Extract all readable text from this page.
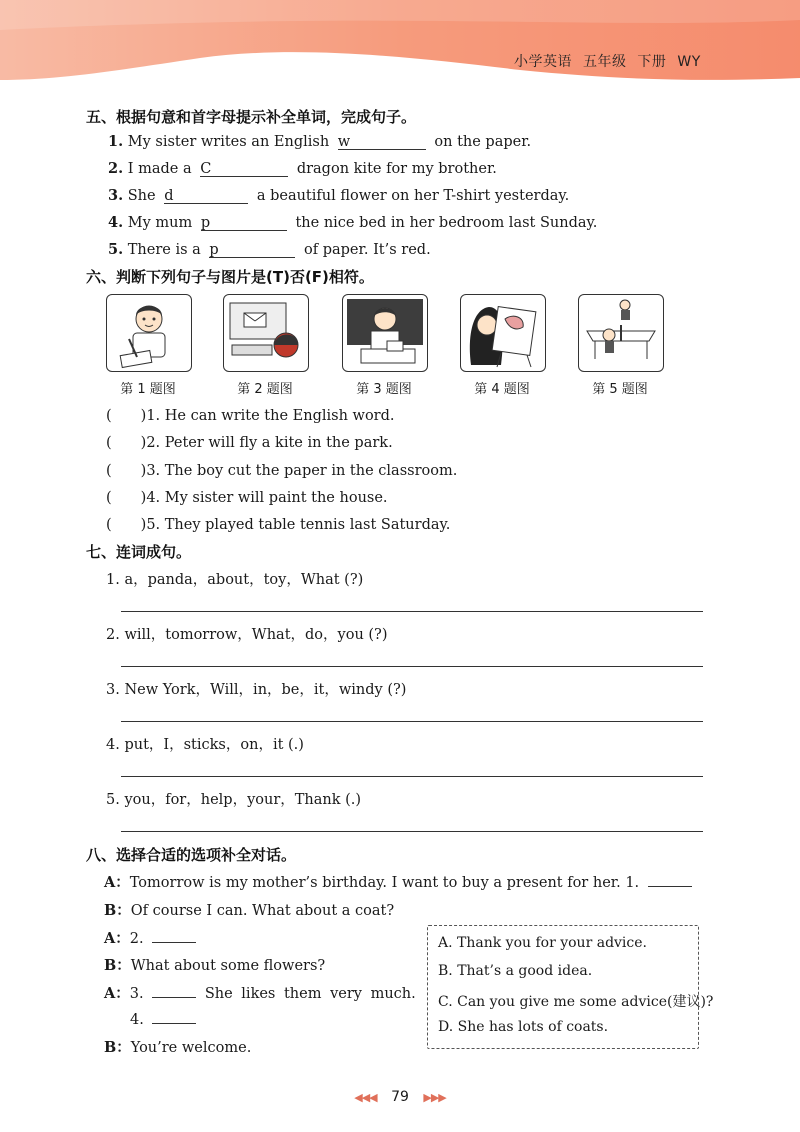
小学英语 五年级 下册 WY
五、根据句意和首字母提示补全单词，完成句子。
1. My sister writes an English w	on the paper.
2. I made a C	dragon kite for my brother.
3. She d	a beautiful flower on her T-shirt yesterday.
4. My mum p	the nice bed in her bedroom last Sunday.
5. There is a p	of paper. It’s red.
六、判断下列句子与图片是(T)否(F)相符。
第 1 题图	第 2 题图	第 3 题图	第 4 题图	第 5 题图
(　　)1. He can write the English word.
(　　)2. Peter will fly a kite in the park.
(　　)3. The boy cut the paper in the classroom.
(　　)4. My sister will paint the house.
(　　)5. They played table tennis last Saturday.
七、连词成句。
1. a，panda，about，toy，What (?)
2. will，tomorrow，What，do，you (?)
3. New York，Will，in，be，it，windy (?)
4. put，I，sticks，on，it (.)
5. you，for，help，your，Thank (.)
八、选择合适的选项补全对话。
A：Tomorrow is my mother’s birthday. I want to buy a present for her. 1.
B：Of course I can. What about a coat?
A：2.
B：What about some flowers?
A：3.	She likes them very much.
4.
B：You’re welcome.
A. Thank you for your advice.
B. That’s a good idea.
C. Can you give me some advice(建议)?
D. She has lots of coats.
◀◀◀ 79 ▶▶▶
